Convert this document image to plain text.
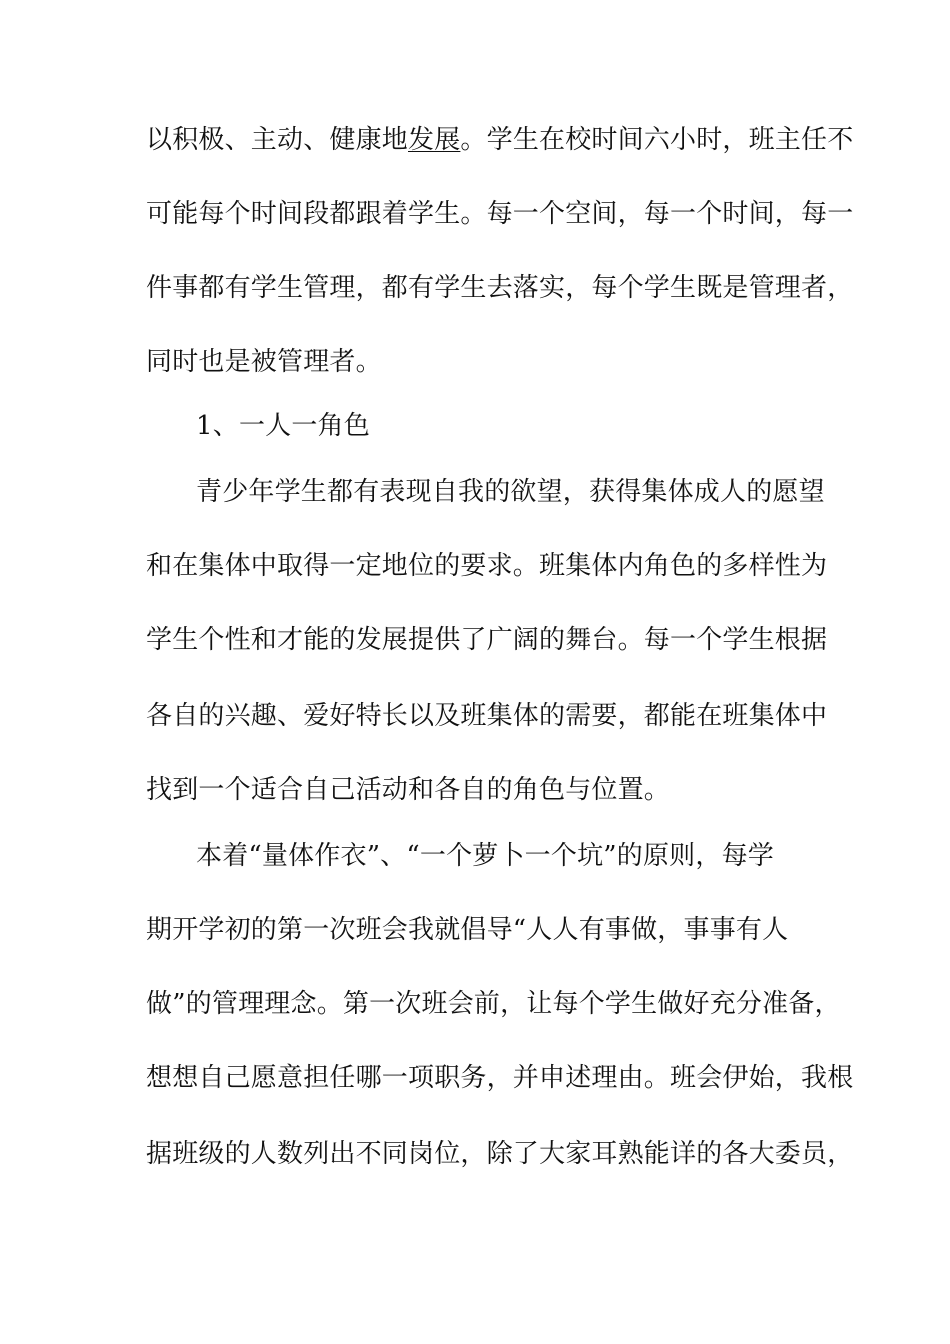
以积极、主动、健康地发展。学生在校时间六小时，班主任不
可能每个时间段都跟着学生。每一个空间，每一个时间，每一
件事都有学生管理，都有学生去落实，每个学生既是管理者，
同时也是被管理者。
1、一人一角色
青少年学生都有表现自我的欲望，获得集体成人的愿望
和在集体中取得一定地位的要求。班集体内角色的多样性为
学生个性和才能的发展提供了广阔的舞台。每一个学生根据
各自的兴趣、爱好特长以及班集体的需要，都能在班集体中
找到一个适合自己活动和各自的角色与位置。
本着“量体作衣”、“一个萝卜一个坑”的原则，每学
期开学初的第一次班会我就倡导“人人有事做，事事有人
做”的管理理念。第一次班会前，让每个学生做好充分准备，
想想自己愿意担任哪一项职务，并申述理由。班会伊始，我根
据班级的人数列出不同岗位，除了大家耳熟能详的各大委员，
